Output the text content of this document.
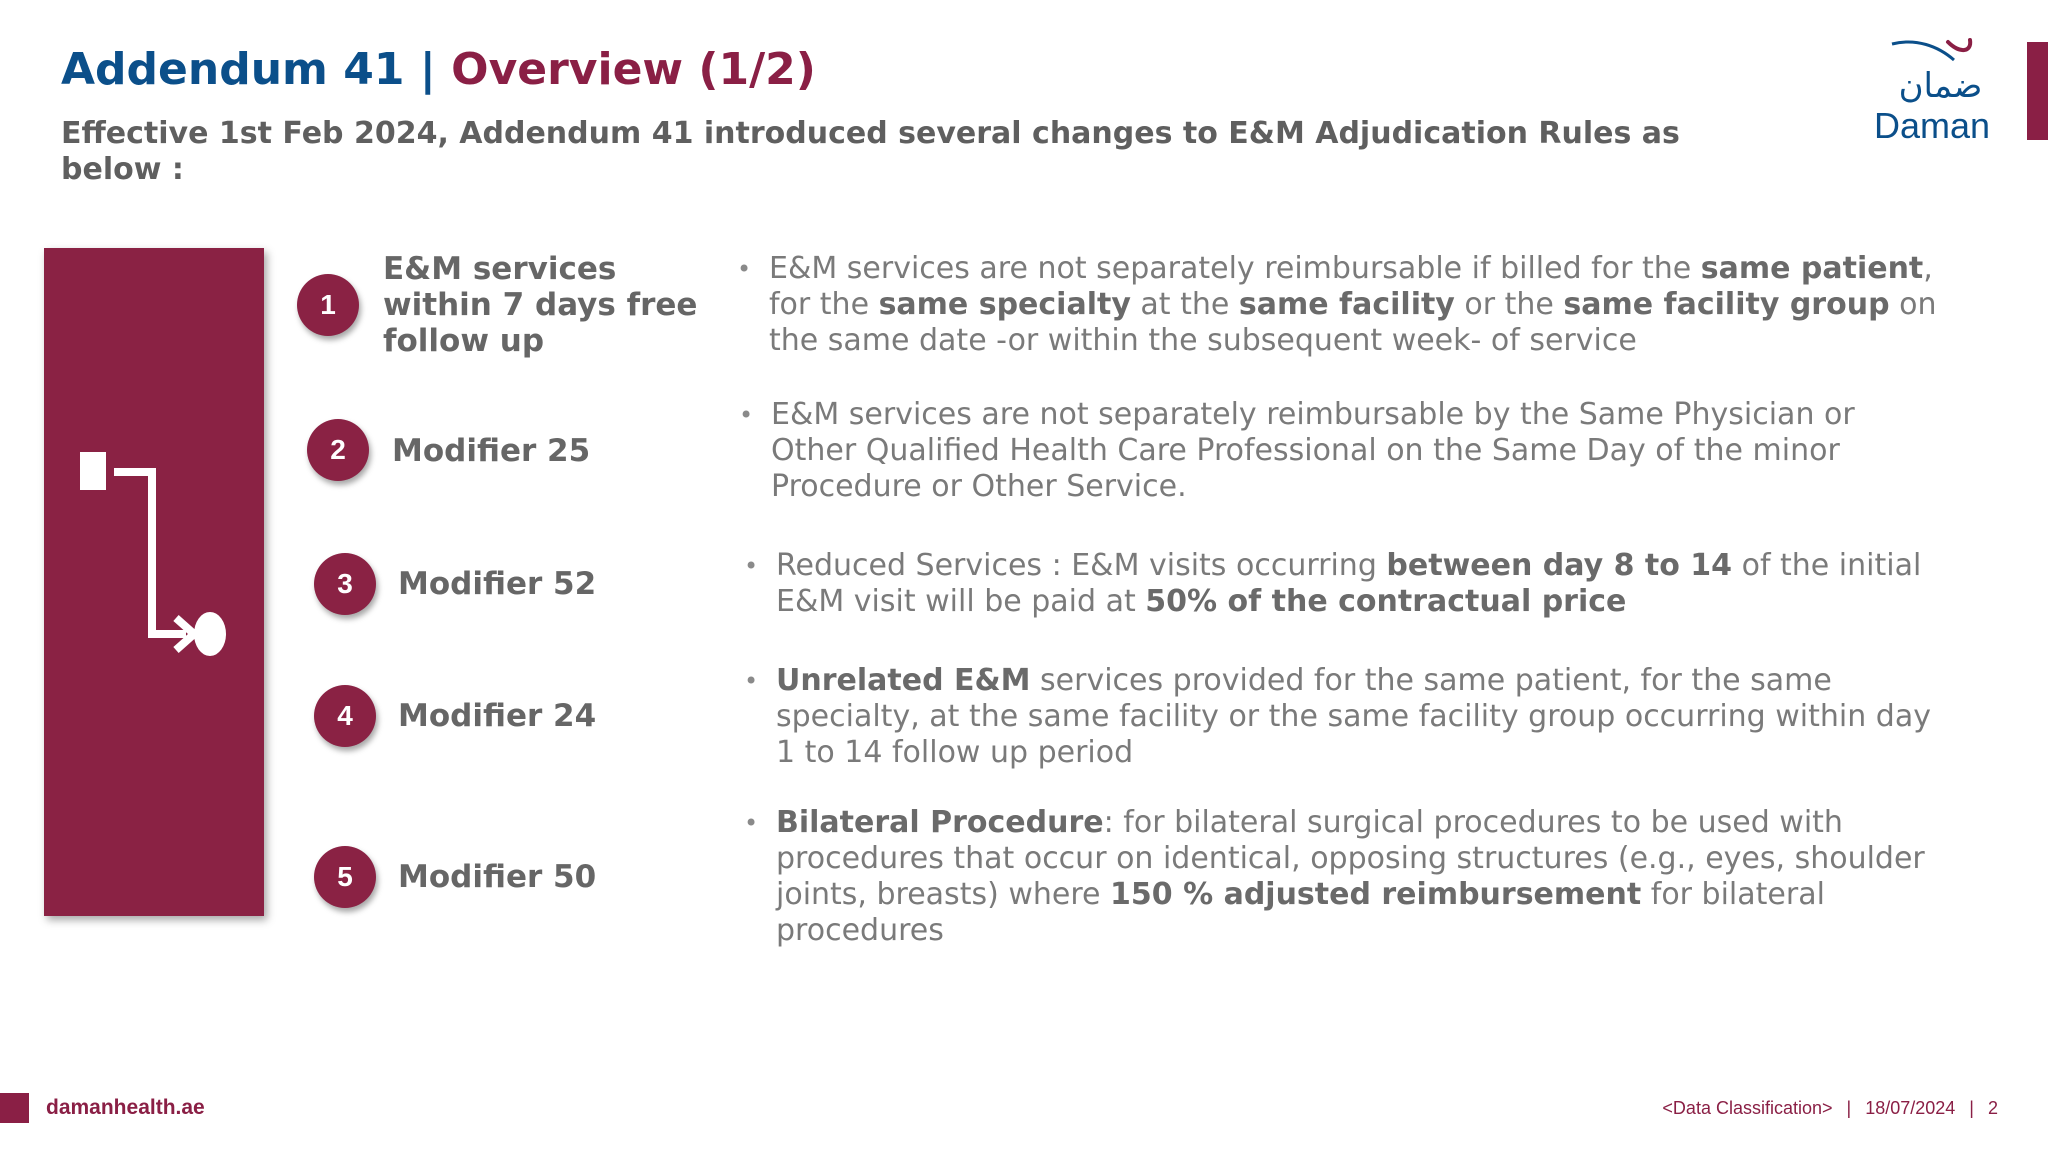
Addendum 41 | Overview (1/2)

Effective 1st Feb 2024, Addendum 41 introduced several changes to E&M Adjudication Rules as below :

ضمان
Daman
1
E&M services within 7 days free follow up
• E&M services are not separately reimbursable if billed for the same patient, for the same specialty at the same facility or the same facility group on the same date -or within the subsequent week- of service
2	Modifier 25
• E&M services are not separately reimbursable by the Same Physician or Other Qualified Health Care Professional on the Same Day of the minor Procedure or Other Service.
3	Modifier 52
• Reduced Services : E&M visits occurring between day 8 to 14 of the initial E&M visit will be paid at 50% of the contractual price
4	Modifier 24
• Unrelated E&M services provided for the same patient, for the same specialty, at the same facility or the same facility group occurring within day 1 to 14 follow up period
5	Modifier 50
• Bilateral Procedure: for bilateral surgical procedures to be used with procedures that occur on identical, opposing structures (e.g., eyes, shoulder joints, breasts) where 150 % adjusted reimbursement for bilateral procedures
damanhealth.ae	<Data Classification> | 18/07/2024 | 2
